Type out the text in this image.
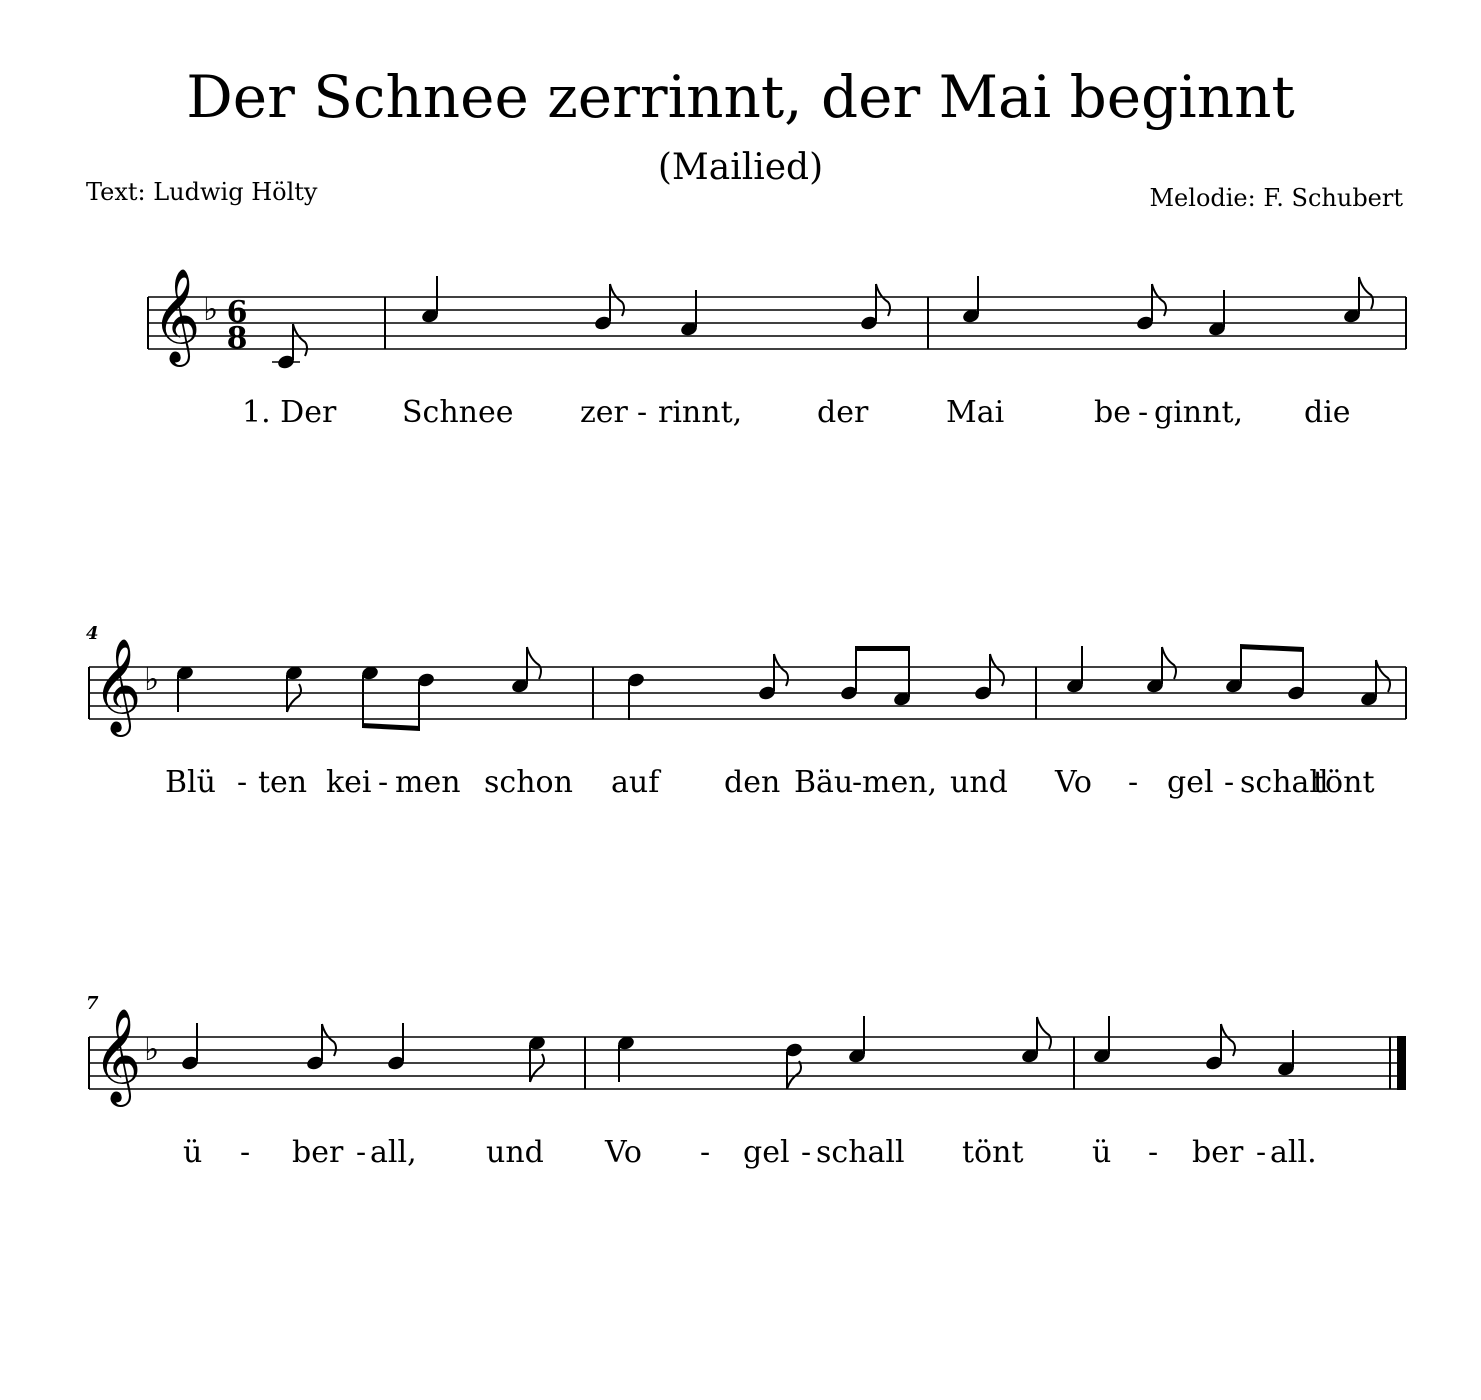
Der Schnee zerrinnt, der Mai beginnt
(Mailied)
Text: Ludwig Hölty	Melodie: F. Schubert
𝄞 ♭ 6
8
1. Der Schnee zer - rinnt, der	Mai	be - ginnt, die
4
𝄞 ♭
Blü - ten kei - men schon auf den Bäu
- men, und Vo - gel - schall
tönt
7
𝄞 ♭
ü - ber - all, und Vo - gel - schall tönt ü - ber - all.
